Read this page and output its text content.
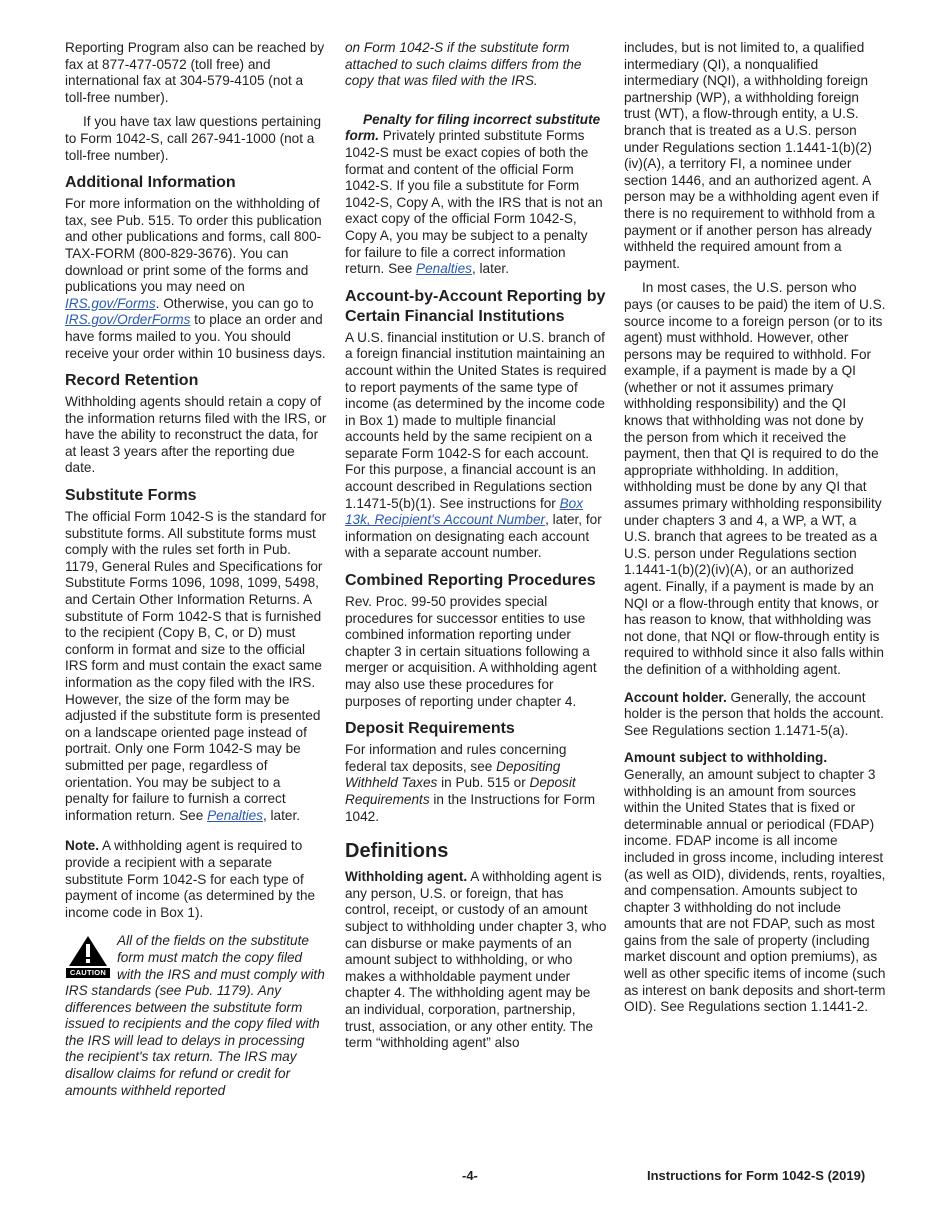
Reporting Program also can be reached by fax at 877-477-0572 (toll free) and international fax at 304-579-4105 (not a toll-free number).

If you have tax law questions pertaining to Form 1042-S, call 267-941-1000 (not a toll-free number).

Additional Information

For more information on the withholding of tax, see Pub. 515. To order this publication and other publications and forms, call 800-TAX-FORM (800-829-3676). You can download or print some of the forms and publications you may need on IRS.gov/Forms. Otherwise, you can go to IRS.gov/OrderForms to place an order and have forms mailed to you. You should receive your order within 10 business days.

Record Retention

Withholding agents should retain a copy of the information returns filed with the IRS, or have the ability to reconstruct the data, for at least 3 years after the reporting due date.

Substitute Forms

The official Form 1042-S is the standard for substitute forms. All substitute forms must comply with the rules set forth in Pub. 1179, General Rules and Specifications for Substitute Forms 1096, 1098, 1099, 5498, and Certain Other Information Returns. A substitute of Form 1042-S that is furnished to the recipient (Copy B, C, or D) must conform in format and size to the official IRS form and must contain the exact same information as the copy filed with the IRS. However, the size of the form may be adjusted if the substitute form is presented on a landscape oriented page instead of portrait. Only one Form 1042-S may be submitted per page, regardless of orientation. You may be subject to a penalty for failure to furnish a correct information return. See Penalties, later.

Note. A withholding agent is required to provide a recipient with a separate substitute Form 1042-S for each type of payment of income (as determined by the income code in Box 1).

CAUTION

All of the fields on the substitute form must match the copy filed with the IRS and must comply with IRS standards (see Pub. 1179). Any differences between the substitute form issued to recipients and the copy filed with the IRS will lead to delays in processing the recipient's tax return. The IRS may disallow claims for refund or credit for amounts withheld reported

on Form 1042-S if the substitute form attached to such claims differs from the copy that was filed with the IRS.

Penalty for filing incorrect substitute form. Privately printed substitute Forms 1042-S must be exact copies of both the format and content of the official Form 1042-S. If you file a substitute for Form 1042-S, Copy A, with the IRS that is not an exact copy of the official Form 1042-S, Copy A, you may be subject to a penalty for failure to file a correct information return. See Penalties, later.

Account-by-Account Reporting by Certain Financial Institutions

A U.S. financial institution or U.S. branch of a foreign financial institution maintaining an account within the United States is required to report payments of the same type of income (as determined by the income code in Box 1) made to multiple financial accounts held by the same recipient on a separate Form 1042-S for each account. For this purpose, a financial account is an account described in Regulations section 1.1471-5(b)(1). See instructions for Box 13k, Recipient's Account Number, later, for information on designating each account with a separate account number.

Combined Reporting Procedures

Rev. Proc. 99-50 provides special procedures for successor entities to use combined information reporting under chapter 3 in certain situations following a merger or acquisition. A withholding agent may also use these procedures for purposes of reporting under chapter 4.

Deposit Requirements

For information and rules concerning federal tax deposits, see Depositing Withheld Taxes in Pub. 515 or Deposit Requirements in the Instructions for Form 1042.

Definitions

Withholding agent. A withholding agent is any person, U.S. or foreign, that has control, receipt, or custody of an amount subject to withholding under chapter 3, who can disburse or make payments of an amount subject to withholding, or who makes a withholdable payment under chapter 4. The withholding agent may be an individual, corporation, partnership, trust, association, or any other entity. The term “withholding agent” also

includes, but is not limited to, a qualified intermediary (QI), a nonqualified intermediary (NQI), a withholding foreign partnership (WP), a withholding foreign trust (WT), a flow-through entity, a U.S. branch that is treated as a U.S. person under Regulations section 1.1441-1(b)(2)(iv)(A), a territory FI, a nominee under section 1446, and an authorized agent. A person may be a withholding agent even if there is no requirement to withhold from a payment or if another person has already withheld the required amount from a payment.

In most cases, the U.S. person who pays (or causes to be paid) the item of U.S. source income to a foreign person (or to its agent) must withhold. However, other persons may be required to withhold. For example, if a payment is made by a QI (whether or not it assumes primary withholding responsibility) and the QI knows that withholding was not done by the person from which it received the payment, then that QI is required to do the appropriate withholding. In addition, withholding must be done by any QI that assumes primary withholding responsibility under chapters 3 and 4, a WP, a WT, a U.S. branch that agrees to be treated as a U.S. person under Regulations section 1.1441-1(b)(2)(iv)(A), or an authorized agent. Finally, if a payment is made by an NQI or a flow-through entity that knows, or has reason to know, that withholding was not done, that NQI or flow-through entity is required to withhold since it also falls within the definition of a withholding agent.

Account holder. Generally, the account holder is the person that holds the account. See Regulations section 1.1471-5(a).

Amount subject to withholding.

Generally, an amount subject to chapter 3 withholding is an amount from sources within the United States that is fixed or determinable annual or periodical (FDAP) income. FDAP income is all income included in gross income, including interest (as well as OID), dividends, rents, royalties, and compensation. Amounts subject to chapter 3 withholding do not include amounts that are not FDAP, such as most gains from the sale of property (including market discount and option premiums), as well as other specific items of income (such as interest on bank deposits and short-term OID). See Regulations section 1.1441-2.

-4-	Instructions for Form 1042-S (2019)
